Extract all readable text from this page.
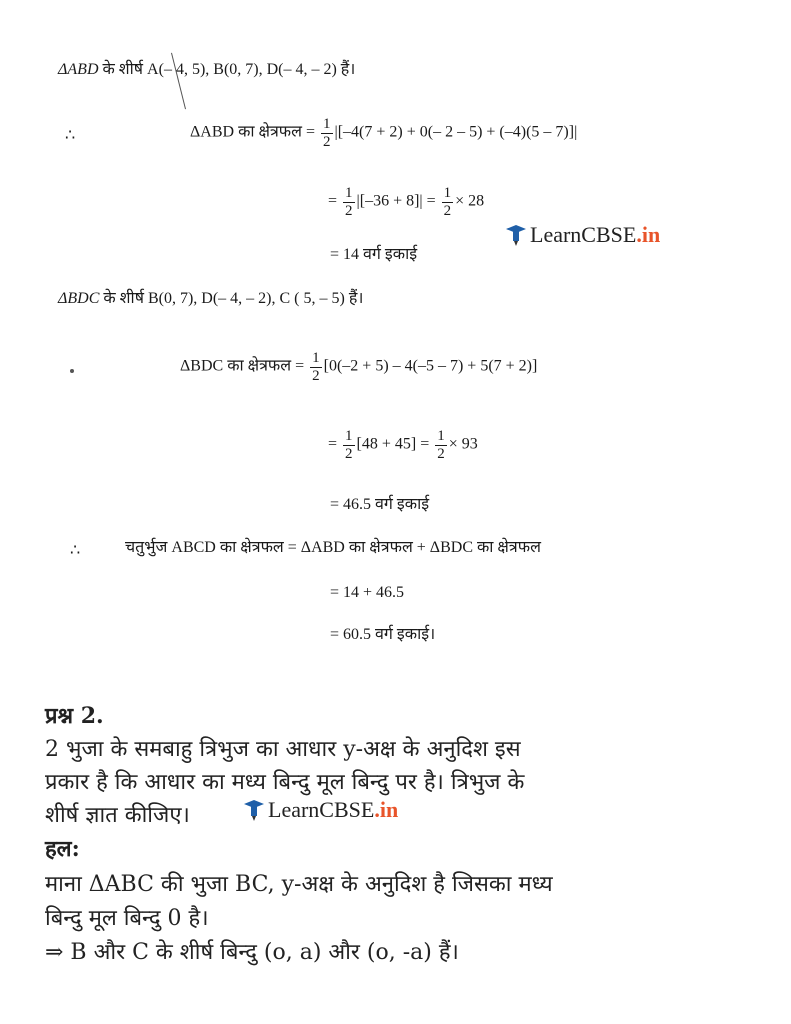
ΔABD के शीर्ष A(– 4, 5), B(0, 7), D(– 4, – 2) हैं।
∴	ΔABD का क्षेत्रफल = $\frac{1}{2} |[-4(7 + 2) + 0(-$ 2 – 5) + (–4)(5 – 7)]|
= $\frac{1}{2} |[-36 + 8]| = \frac{1}{2} \times 28$
LearnCBSE .in
= 14 वर्ग इकाई
ΔBDC के शीर्ष B(0, 7), D(– 4, – 2), C ( 5, – 5) हैं।
ΔBDC का क्षेत्रफल = $\frac{1}{2} [0(-2 + 5) - 4(-5 - 7) + 5(7 + 2)]$
= $\frac{1}{2} [48 + 45] = \frac{1}{2} \times 93$
= 46.5 वर्ग इकाई
∴	चतुर्भुज ABCD का क्षेत्रफल = ΔABD का क्षेत्रफल + ΔBDC का क्षेत्रफल
= 14 + 46.5
= 60.5 वर्ग इकाई।
प्रश्न 2.
2 भुजा के समबाहु त्रिभुज का आधार y-अक्ष के अनुदिश इस
प्रकार है कि आधार का मध्य बिन्दु मूल बिन्दु पर है। त्रिभुज के
शीर्ष ज्ञात कीजिए।	LearnCBSE .in
हल:
माना ΔABC की भुजा BC, y-अक्ष के अनुदिश है जिसका मध्य
बिन्दु मूल बिन्दु 0 है।
⇒ B और C के शीर्ष बिन्दु (o, a) और (o, -a) हैं।
